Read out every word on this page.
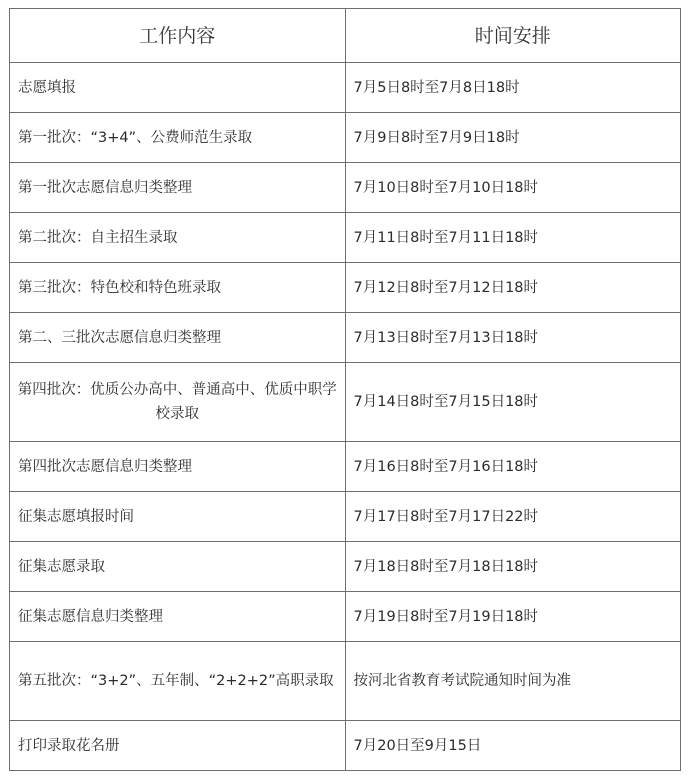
工作内容	时间安排
志愿填报	7月5日8时至7月8日18时
第一批次：“3+4”、公费师范生录取	7月9日8时至7月9日18时
第一批次志愿信息归类整理	7月10日8时至7月10日18时
第二批次：自主招生录取	7月11日8时至7月11日18时
第三批次：特色校和特色班录取	7月12日8时至7月12日18时
第二、三批次志愿信息归类整理	7月13日8时至7月13日18时
第四批次：优质公办高中、普通高中、优质中职学校录取	7月14日8时至7月15日18时
第四批次志愿信息归类整理	7月16日8时至7月16日18时
征集志愿填报时间	7月17日8时至7月17日22时
征集志愿录取	7月18日8时至7月18日18时
征集志愿信息归类整理	7月19日8时至7月19日18时
第五批次：“3+2”、五年制、“2+2+2”高职录取	按河北省教育考试院通知时间为准
打印录取花名册	7月20日至9月15日
